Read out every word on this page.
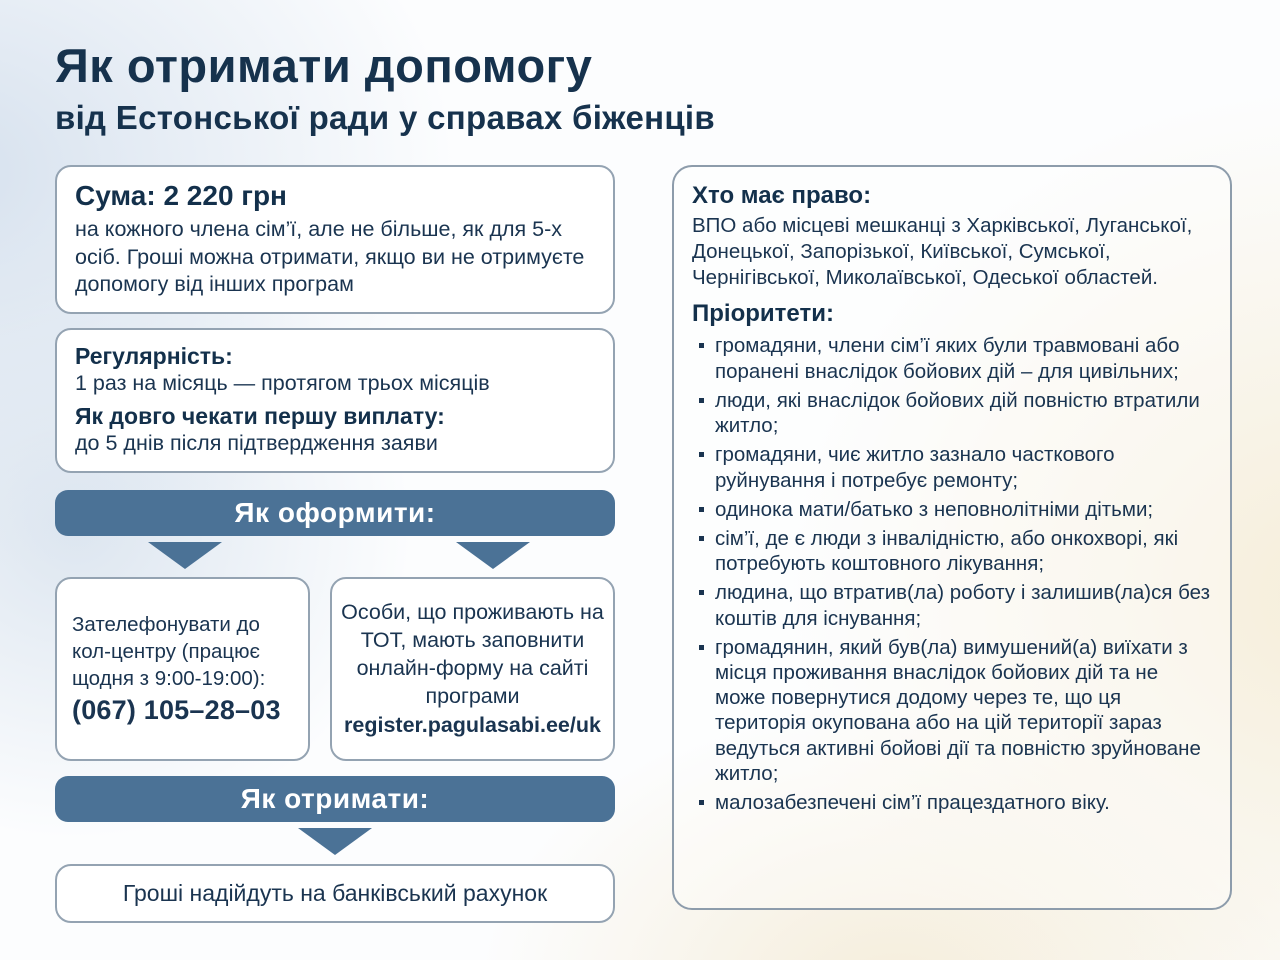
Як отримати допомогу
від Естонської ради у справах біженців
Сума: 2 220 грн

на кожного члена сім’ї, але не більше, як для 5-х осіб. Гроші можна отримати, якщо ви не отримуєте допомогу від інших програм

Регулярність:

1 раз на місяць — протягом трьох місяців

Як довго чекати першу виплату:

до 5 днів після підтвердження заяви

Як оформити:
Зателефонувати до кол-центру (працює щодня з 9:00-19:00):
(067) 105–28–03
Особи, що проживають на ТОТ, мають заповнити онлайн-форму на сайті програми
register.pagulasabi.ee/uk
Як отримати:
Гроші надійдуть на банківський рахунок
Хто має право:

ВПО або місцеві мешканці з Харківської, Луганської, Донецької, Запорізької, Київської, Сумської, Чернігівської, Миколаївської, Одеської областей.

Пріоритети:
громадяни, члени сім’ї яких були травмовані або поранені внаслідок бойових дій – для цивільних;
люди, які внаслідок бойових дій повністю втратили житло;
громадяни, чиє житло зазнало часткового руйнування і потребує ремонту;
одинока мати/батько з неповнолітніми дітьми;
сім’ї, де є люди з інвалідністю, або онкохворі, які потребують коштовного лікування;
людина, що втратив(ла) роботу і залишив(ла)ся без коштів для існування;
громадянин, який був(ла) вимушений(а) виїхати з місця проживання внаслідок бойових дій та не може повернутися додому через те, що ця територія окупована або на цій території зараз ведуться активні бойові дії та повністю зруйноване житло;
малозабезпечені сім’ї працездатного віку.
